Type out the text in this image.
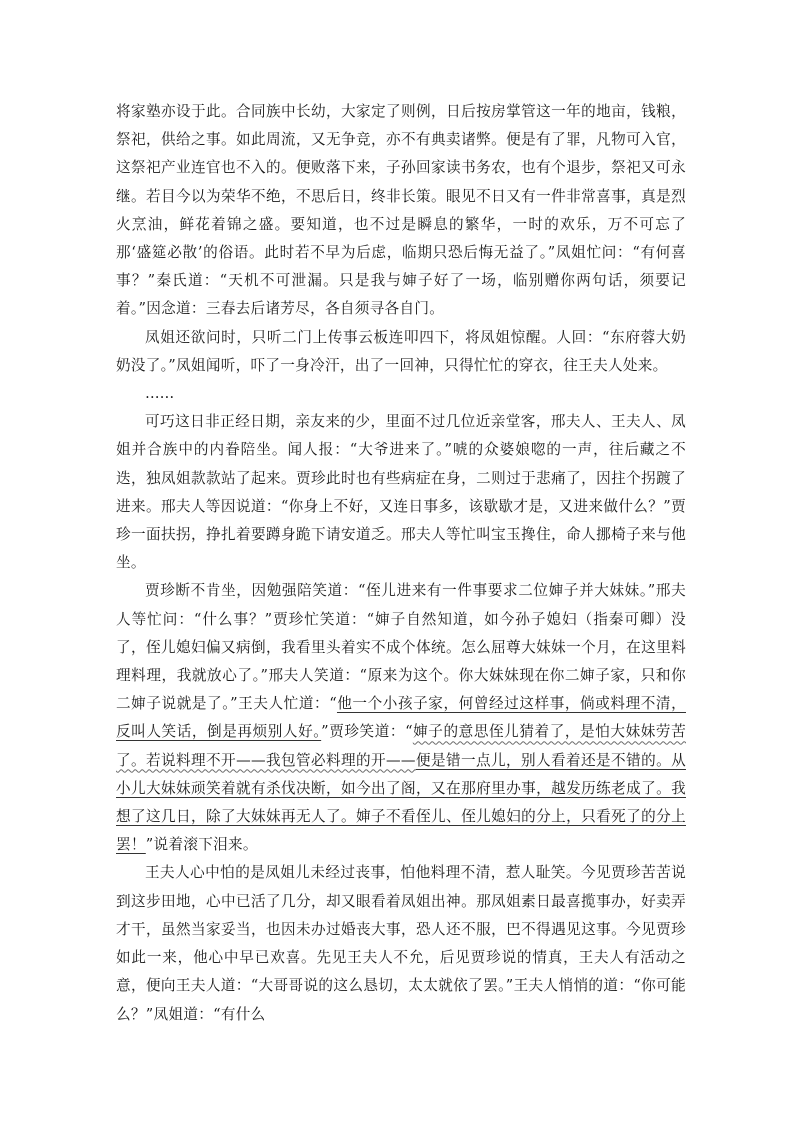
将家塾亦设于此。合同族中长幼，大家定了则例，日后按房掌管这一年的地亩，钱粮，祭祀，供给之事。如此周流，又无争竞，亦不有典卖诸弊。便是有了罪，凡物可入官，这祭祀产业连官也不入的。便败落下来，子孙回家读书务农，也有个退步，祭祀又可永继。若目今以为荣华不绝，不思后日，终非长策。眼见不日又有一件非常喜事，真是烈火烹油，鲜花着锦之盛。要知道，也不过是瞬息的繁华，一时的欢乐，万不可忘了那‘盛筵必散’的俗语。此时若不早为后虑，临期只恐后悔无益了。”凤姐忙问：“有何喜事？”秦氏道：“天机不可泄漏。只是我与婶子好了一场，临别赠你两句话，须要记着。”因念道：三春去后诸芳尽，各自须寻各自门。

凤姐还欲问时，只听二门上传事云板连叩四下，将凤姐惊醒。人回：“东府蓉大奶奶没了。”凤姐闻听，吓了一身冷汗，出了一回神，只得忙忙的穿衣，往王夫人处来。

……

可巧这日非正经日期，亲友来的少，里面不过几位近亲堂客，邢夫人、王夫人、凤姐并合族中的内眷陪坐。闻人报：“大爷进来了。”唬的众婆娘唿的一声，往后藏之不迭，独凤姐款款站了起来。贾珍此时也有些病症在身，二则过于悲痛了，因拄个拐踱了进来。邢夫人等因说道：“你身上不好，又连日事多，该歇歇才是，又进来做什么？”贾珍一面扶拐，挣扎着要蹲身跪下请安道乏。邢夫人等忙叫宝玉搀住，命人挪椅子来与他坐。

贾珍断不肯坐，因勉强陪笑道：“侄儿进来有一件事要求二位婶子并大妹妹。”邢夫人等忙问：“什么事？”贾珍忙笑道：“婶子自然知道，如今孙子媳妇（指秦可卿）没了，侄儿媳妇偏又病倒，我看里头着实不成个体统。怎么屈尊大妹妹一个月，在这里料理料理，我就放心了。”邢夫人笑道：“原来为这个。你大妹妹现在你二婶子家，只和你二婶子说就是了。”王夫人忙道：“他一个小孩子家，何曾经过这样事，倘或料理不清，反叫人笑话，倒是再烦别人好。”贾珍笑道：“婶子的意思侄儿猜着了，是怕大妹妹劳苦了。若说料理不开——我包管必料理的开——便是错一点儿，别人看着还是不错的。从小儿大妹妹顽笑着就有杀伐决断，如今出了阁，又在那府里办事，越发历练老成了。我想了这几日，除了大妹妹再无人了。婶子不看侄儿、侄儿媳妇的分上，只看死了的分上罢！”说着滚下泪来。

王夫人心中怕的是凤姐儿未经过丧事，怕他料理不清，惹人耻笑。今见贾珍苦苦说到这步田地，心中已活了几分，却又眼看着凤姐出神。那凤姐素日最喜揽事办，好卖弄才干，虽然当家妥当，也因未办过婚丧大事，恐人还不服，巴不得遇见这事。今见贾珍如此一来，他心中早已欢喜。先见王夫人不允，后见贾珍说的情真，王夫人有活动之意，便向王夫人道：“大哥哥说的这么恳切，太太就依了罢。”王夫人悄悄的道：“你可能么？”凤姐道：“有什么
